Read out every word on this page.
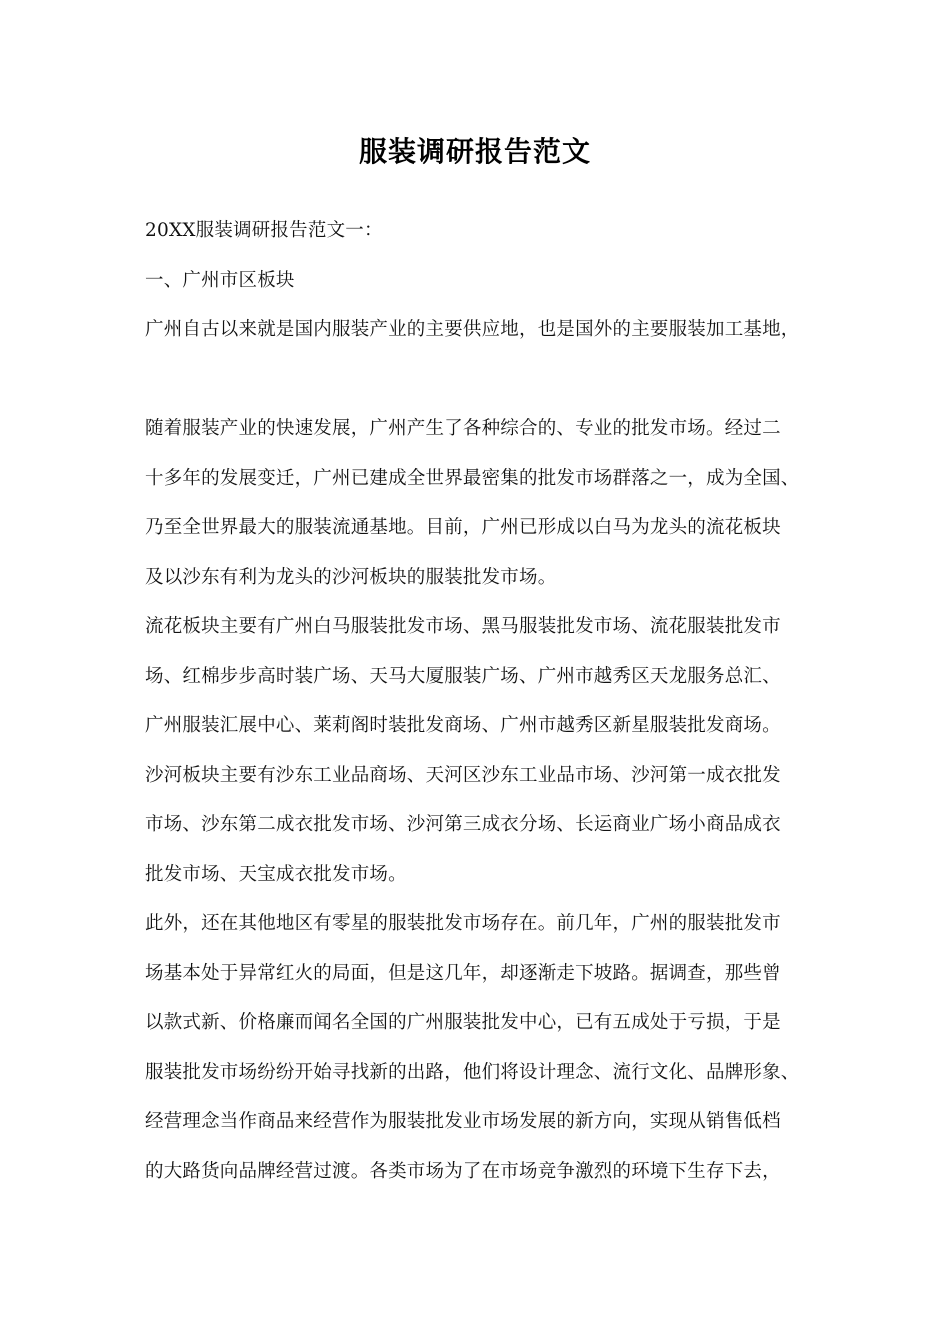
服装调研报告范文
20XX服装调研报告范文一：
一、广州市区板块
广州自古以来就是国内服装产业的主要供应地，也是国外的主要服装加工基地，
随着服装产业的快速发展，广州产生了各种综合的、专业的批发市场。经过二
十多年的发展变迁，广州已建成全世界最密集的批发市场群落之一，成为全国、
乃至全世界最大的服装流通基地。目前，广州已形成以白马为龙头的流花板块
及以沙东有利为龙头的沙河板块的服装批发市场。
流花板块主要有广州白马服装批发市场、黑马服装批发市场、流花服装批发市
场、红棉步步高时装广场、天马大厦服装广场、广州市越秀区天龙服务总汇、
广州服装汇展中心、莱莉阁时装批发商场、广州市越秀区新星服装批发商场。
沙河板块主要有沙东工业品商场、天河区沙东工业品市场、沙河第一成衣批发
市场、沙东第二成衣批发市场、沙河第三成衣分场、长运商业广场小商品成衣
批发市场、天宝成衣批发市场。
此外，还在其他地区有零星的服装批发市场存在。前几年，广州的服装批发市
场基本处于异常红火的局面，但是这几年，却逐渐走下坡路。据调查，那些曾
以款式新、价格廉而闻名全国的广州服装批发中心，已有五成处于亏损，于是
服装批发市场纷纷开始寻找新的出路，他们将设计理念、流行文化、品牌形象、
经营理念当作商品来经营作为服装批发业市场发展的新方向，实现从销售低档
的大路货向品牌经营过渡。各类市场为了在市场竞争激烈的环境下生存下去，
